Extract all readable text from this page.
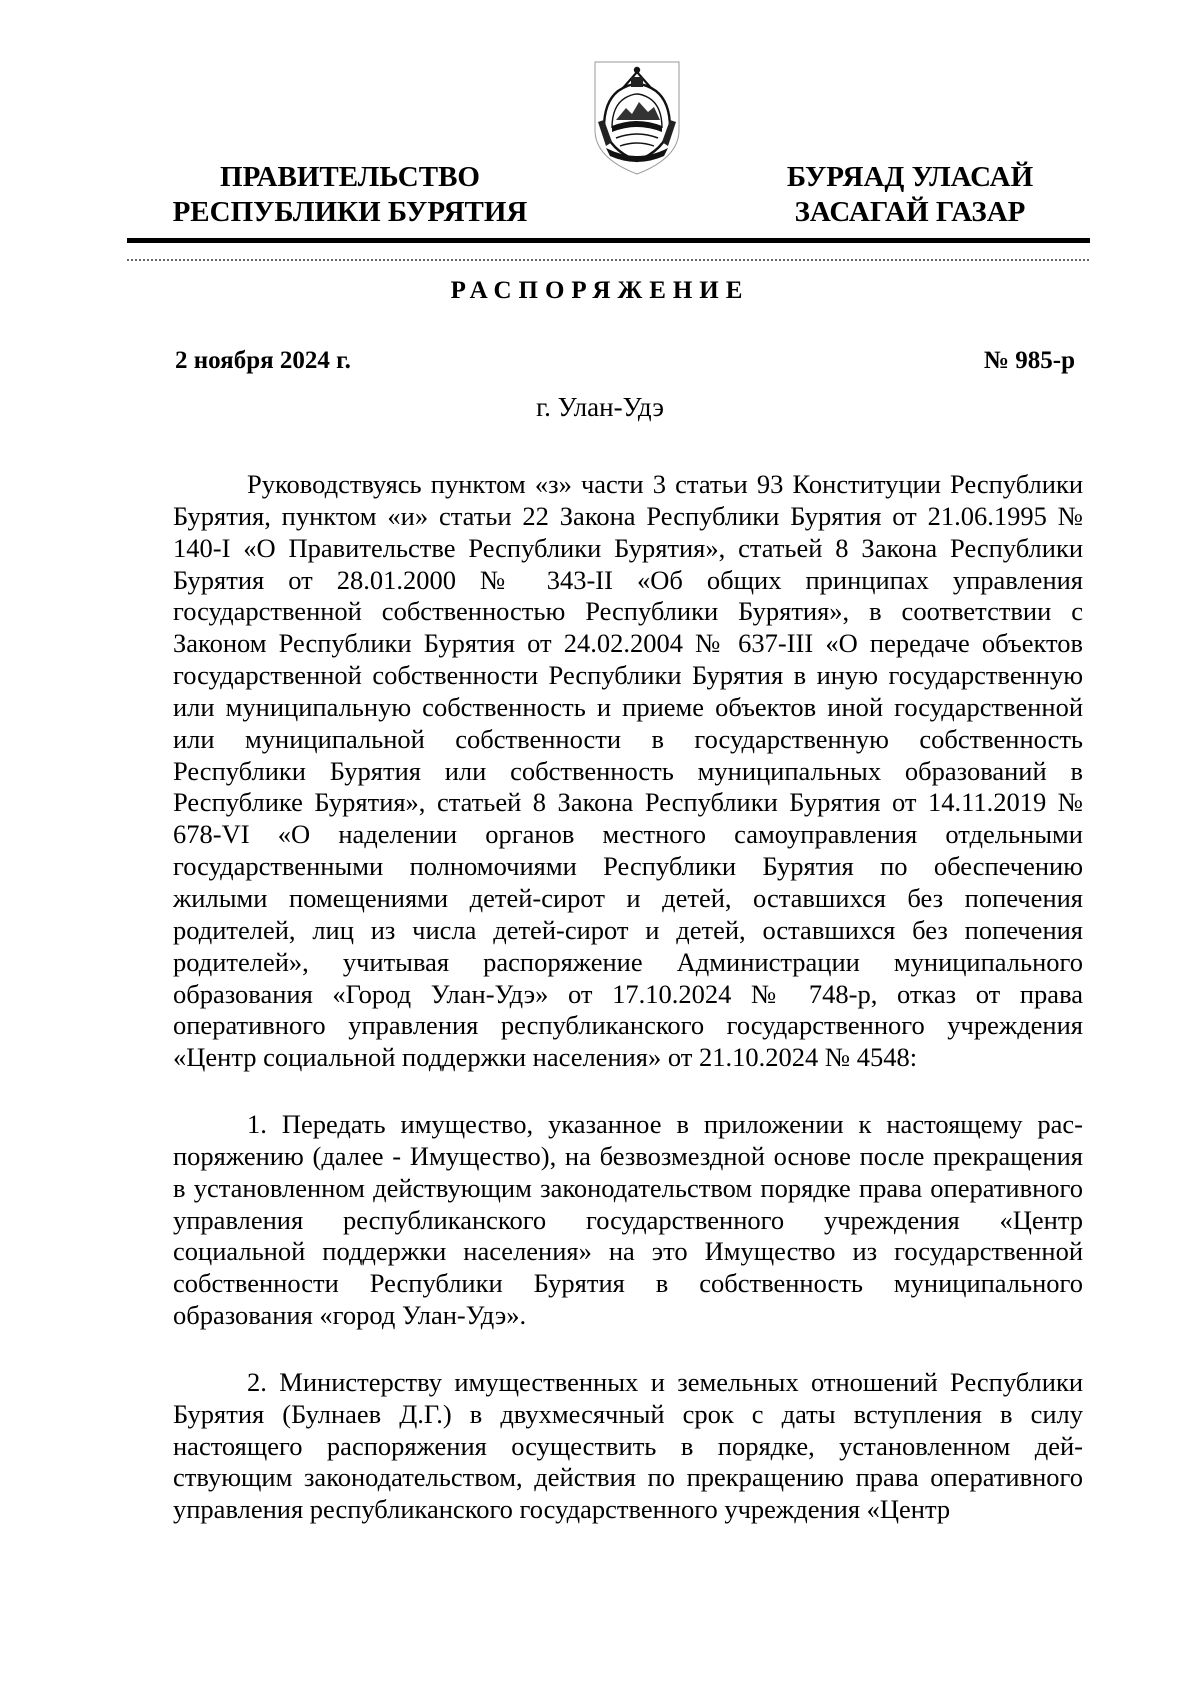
ПРАВИТЕЛЬСТВО
РЕСПУБЛИКИ БУРЯТИЯ
БУРЯАД УЛАСАЙ
ЗАСАГАЙ ГАЗАР
РАСПОРЯЖЕНИЕ
2 ноября 2024 г.	№ 985-р
г. Улан-Удэ

Руководствуясь пунктом «з» части 3 статьи 93 Конституции Республики Бурятия, пунктом «и» статьи 22 Закона Республики Бурятия от 21.06.1995 № 140-I «О Правительстве Республики Бурятия», статьей 8 Закона Республики Бурятия от 28.01.2000 № 343-II «Об общих принципах управления государственной собственностью Республики Бурятия», в соответствии с Законом Республики Бурятия от 24.02.2004 № 637-III «О передаче объектов государственной собственности Республики Бурятия в иную государственную или муниципальную собственность и приеме объектов иной государственной или муниципальной собственности в государственную собственность Республики Бурятия или собственность муниципальных образований в Республике Бурятия», статьей 8 Закона Республики Бурятия от 14.11.2019 № 678-VI «О наделении органов местного самоуправления отдельными государственными полномочиями Республики Бурятия по обеспечению жилыми помещениями детей-сирот и детей, оставшихся без попечения родителей, лиц из числа детей-сирот и детей, оставшихся без попечения родителей», учитывая распоряжение Администрации муниципального образования «Город Улан-Удэ» от 17.10.2024 № 748-р, отказ от права оперативного управления республиканского государственного учреждения «Центр социальной поддержки населения» от 21.10.2024 № 4548:

1. Передать имущество, указанное в приложении к настоящему распоряжению (далее - Имущество), на безвозмездной основе после прекращения в установленном действующим законодательством порядке права оперативного управления республиканского государственного учреждения «Центр социальной поддержки населения» на это Имущество из государственной собственности Республики Бурятия в собственность муниципального образования «город Улан-Удэ».

2. Министерству имущественных и земельных отношений Республики Бурятия (Булнаев Д.Г.) в двухмесячный срок с даты вступления в силу настоящего распоряжения осуществить в порядке, установленном действующим законодательством, действия по прекращению права оперативного управления республиканского государственного учреждения «Центр
